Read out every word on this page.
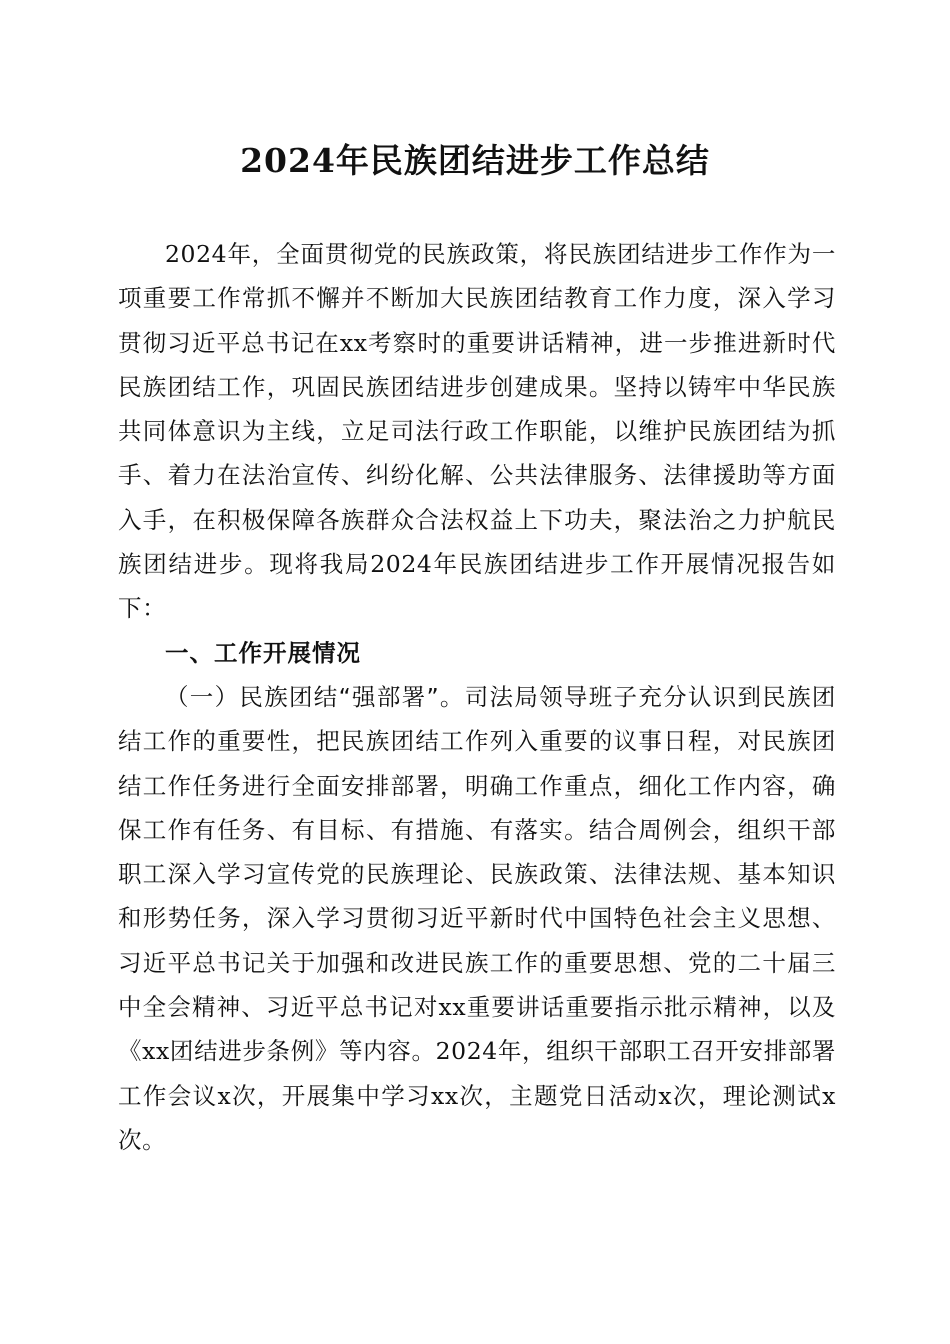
2024年民族团结进步工作总结

2024年，全面贯彻党的民族政策，将民族团结进步工作作为一项重要工作常抓不懈并不断加大民族团结教育工作力度，深入学习贯彻习近平总书记在xx考察时的重要讲话精神，进一步推进新时代民族团结工作，巩固民族团结进步创建成果。坚持以铸牢中华民族共同体意识为主线，立足司法行政工作职能，以维护民族团结为抓手、着力在法治宣传、纠纷化解、公共法律服务、法律援助等方面入手，在积极保障各族群众合法权益上下功夫，聚法治之力护航民族团结进步。现将我局2024年民族团结进步工作开展情况报告如下：

一、工作开展情况

（一）民族团结“强部署”。司法局领导班子充分认识到民族团结工作的重要性，把民族团结工作列入重要的议事日程，对民族团结工作任务进行全面安排部署，明确工作重点，细化工作内容，确保工作有任务、有目标、有措施、有落实。结合周例会，组织干部职工深入学习宣传党的民族理论、民族政策、法律法规、基本知识和形势任务，深入学习贯彻习近平新时代中国特色社会主义思想、习近平总书记关于加强和改进民族工作的重要思想、党的二十届三中全会精神、习近平总书记对xx重要讲话重要指示批示精神，以及《xx团结进步条例》等内容。2024年，组织干部职工召开安排部署工作会议x次，开展集中学习xx次，主题党日活动x次，理论测试x次。
